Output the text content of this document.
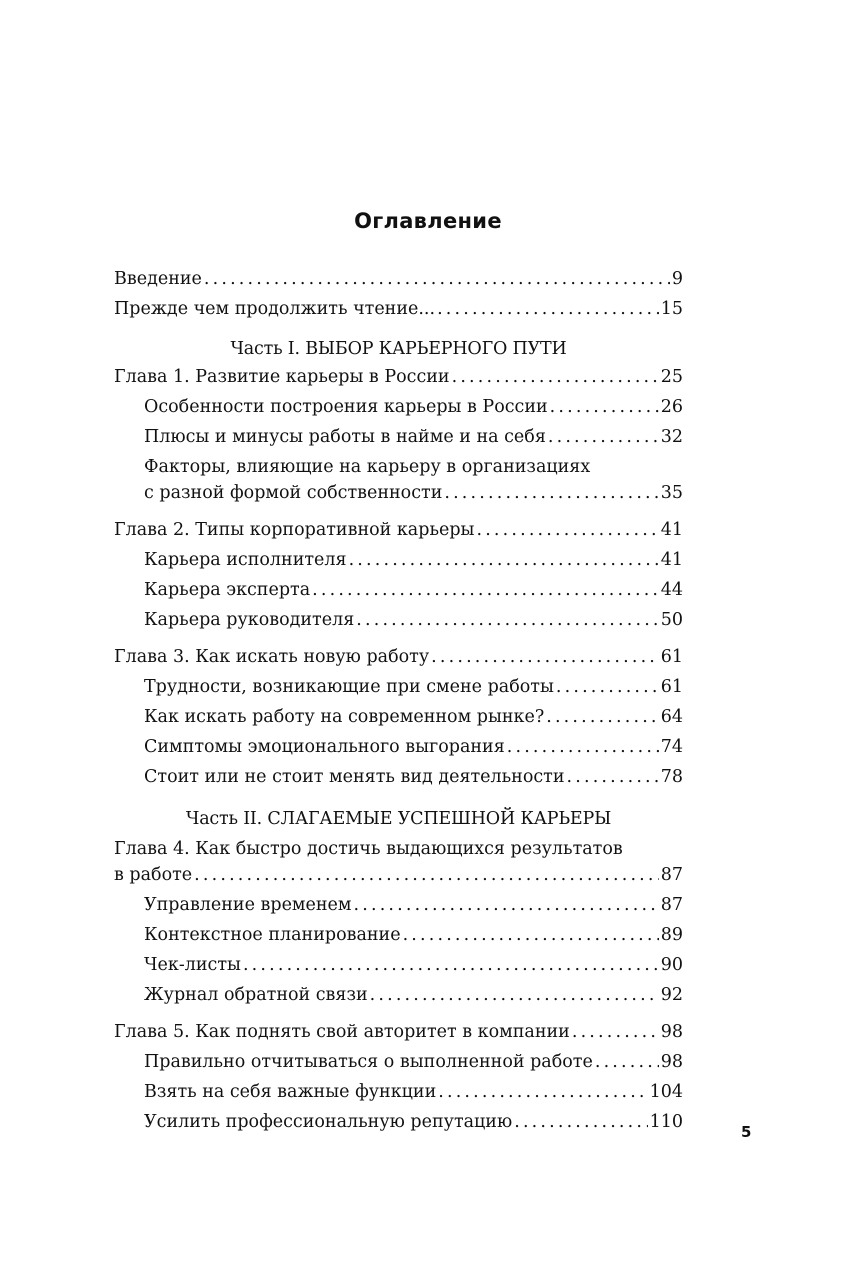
Оглавление
Введение . . .	9
Прежде чем продолжить чтение... . . .	15
Часть I. ВЫБОР КАРЬЕРНОГО ПУТИ
Глава 1. Развитие карьеры в России . . .	25
Особенности построения карьеры в России . . .	26
Плюсы и минусы работы в найме и на себя . . .	32
Факторы, влияющие на карьеру в организациях
с разной формой собственности . . .	35
Глава 2. Типы корпоративной карьеры . . .	41
Карьера исполнителя . . .	41
Карьера эксперта . . .	44
Карьера руководителя . . .	50
Глава 3. Как искать новую работу . . .	61
Трудности, возникающие при смене работы . . .	61
Как искать работу на современном рынке? . . .	64
Симптомы эмоционального выгорания . . .	74
Стоит или не стоит менять вид деятельности . . .	78
Часть II. СЛАГАЕМЫЕ УСПЕШНОЙ КАРЬЕРЫ
Глава 4. Как быстро достичь выдающихся результатов
в работе . . .	87
Управление временем . . .	87
Контекстное планирование . . .	89
Чек-листы . . .	90
Журнал обратной связи . . .	92
Глава 5. Как поднять свой авторитет в компании . . .	98
Правильно отчитываться о выполненной работе . . .	98
Взять на себя важные функции . . .	104
Усилить профессиональную репутацию . . .	110	5
